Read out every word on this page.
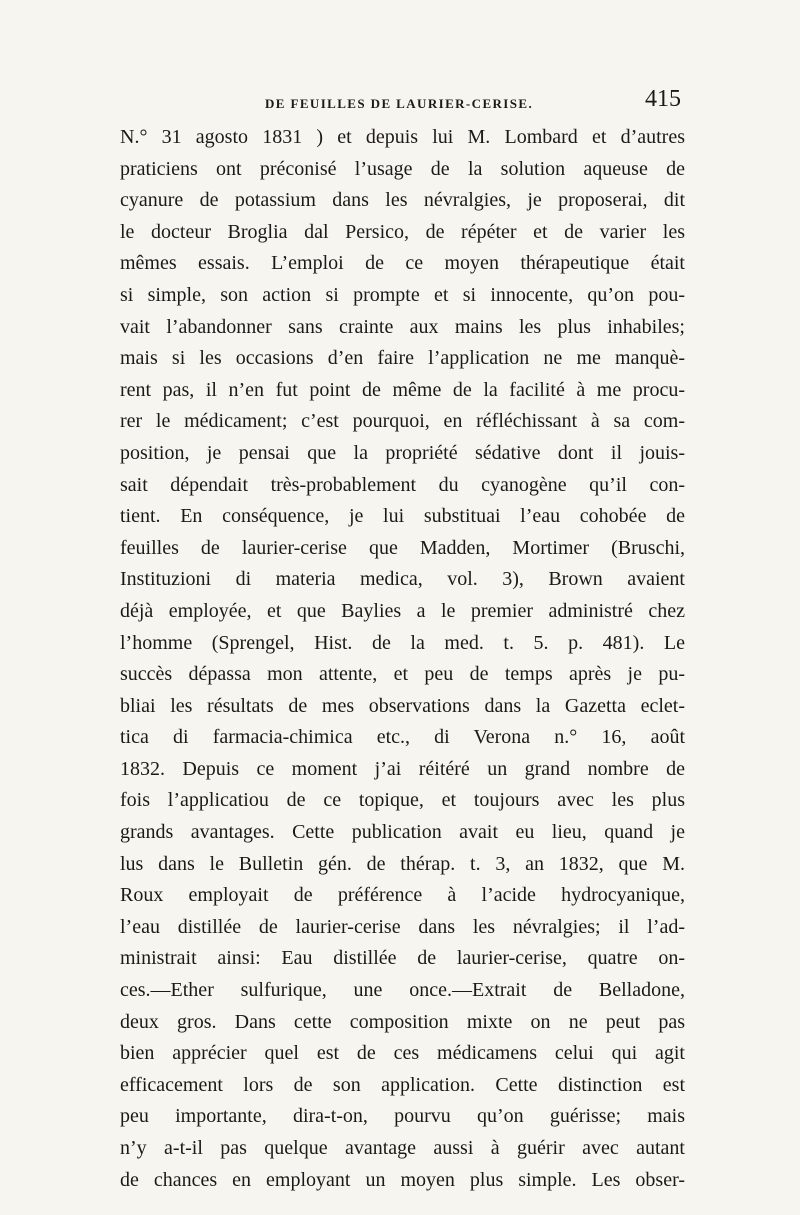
DE FEUILLES DE LAURIER-CERISE.	415
N.° 31 agosto 1831 ) et depuis lui M. Lombard et d’autres
praticiens ont préconisé l’usage de la solution aqueuse de
cyanure de potassium dans les névralgies, je proposerai, dit
le docteur Broglia dal Persico, de répéter et de varier les
mêmes essais. L’emploi de ce moyen thérapeutique était
si simple, son action si prompte et si innocente, qu’on pou-
vait l’abandonner sans crainte aux mains les plus inhabiles;
mais si les occasions d’en faire l’application ne me manquè-
rent pas, il n’en fut point de même de la facilité à me procu-
rer le médicament; c’est pourquoi, en réfléchissant à sa com-
position, je pensai que la propriété sédative dont il jouis-
sait dépendait très-probablement du cyanogène qu’il con-
tient. En conséquence, je lui substituai l’eau cohobée de
feuilles de laurier-cerise que Madden, Mortimer (Bruschi,
Instituzioni di materia medica, vol. 3), Brown avaient
déjà employée, et que Baylies a le premier administré chez
l’homme (Sprengel, Hist. de la med. t. 5. p. 481). Le
succès dépassa mon attente, et peu de temps après je pu-
bliai les résultats de mes observations dans la Gazetta eclet-
tica di farmacia-chimica etc., di Verona n.° 16, août
1832. Depuis ce moment j’ai réitéré un grand nombre de
fois l’applicatiou de ce topique, et toujours avec les plus
grands avantages. Cette publication avait eu lieu, quand je
lus dans le Bulletin gén. de thérap. t. 3, an 1832, que M.
Roux employait de préférence à l’acide hydrocyanique,
l’eau distillée de laurier-cerise dans les névralgies; il l’ad-
ministrait ainsi: Eau distillée de laurier-cerise, quatre on-
ces.—Ether sulfurique, une once.—Extrait de Belladone,
deux gros. Dans cette composition mixte on ne peut pas
bien apprécier quel est de ces médicamens celui qui agit
efficacement lors de son application. Cette distinction est
peu importante, dira-t-on, pourvu qu’on guérisse; mais
n’y a-t-il pas quelque avantage aussi à guérir avec autant
de chances en employant un moyen plus simple. Les obser-
